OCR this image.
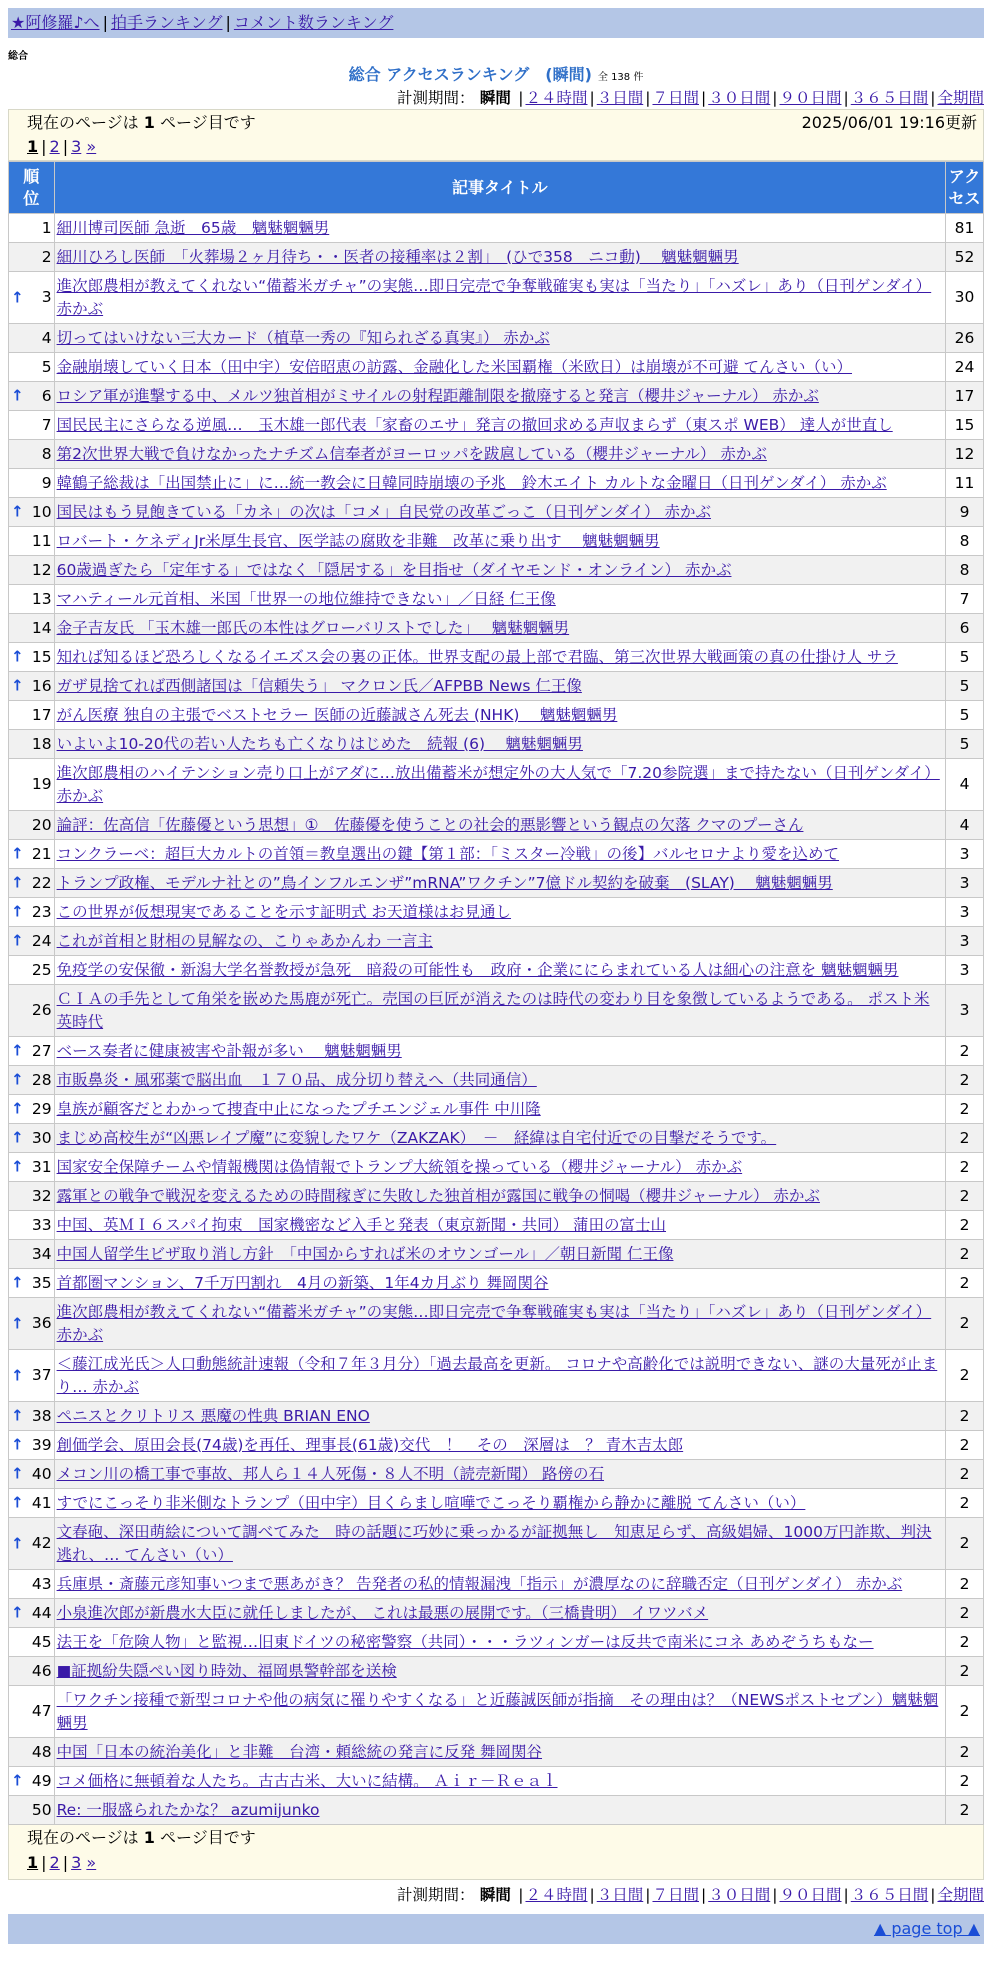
★阿修羅♪へ | 拍手ランキング | コメント数ランキング
総合
総合 アクセスランキング　(瞬間) 全 138 件
計測期間： 瞬間 | ２４時間 | ３日間 | ７日間 | ３０日間 | ９０日間 | ３６５日間 | 全期間
現在のページは 1 ページ目です	2025/06/01 19:16更新
1 | 2 | 3 »
順
位	記事タイトル	アク
セス
1	細川博司医師 急逝　65歳　魑魅魍魎男	81
2	細川ひろし医師　「火葬場２ヶ月待ち・・医者の接種率は２割」　(ひで358　ニコ動)　 魑魅魍魎男	52

↑ 3	進次郎農相が教えてくれない“備蓄米ガチャ”の実態…即日完売で争奪戦確実も実は「当たり」「ハズレ」あり（日刊ゲンダイ） 赤かぶ	30
4	切ってはいけない三大カード（植草一秀の『知られざる真実』） 赤かぶ	26
5	金融崩壊していく日本（田中宇）安倍昭恵の訪露、金融化した米国覇権（米欧日）は崩壊が不可避 てんさい（い）	24

↑ 6	ロシア軍が進撃する中、メルツ独首相がミサイルの射程距離制限を撤廃すると発言（櫻井ジャーナル） 赤かぶ	17
7	国民民主にさらなる逆風…　玉木雄一郎代表「家畜のエサ」発言の撤回求める声収まらず（東スポ WEB） 達人が世直し	15
8	第2次世界大戦で負けなかったナチズム信奉者がヨーロッパを跋扈している（櫻井ジャーナル） 赤かぶ	12
9	韓鶴子総裁は「出国禁止に」に…統一教会に日韓同時崩壊の予兆　鈴木エイト カルトな金曜日（日刊ゲンダイ） 赤かぶ	11

↑ 10	国民はもう見飽きている「カネ」の次は「コメ」自民党の改革ごっこ（日刊ゲンダイ） 赤かぶ	9
11	ロバート・ケネディJr米厚生長官、医学誌の腐敗を非難　改革に乗り出す　 魑魅魍魎男	8
12	60歳過ぎたら「定年する」ではなく「隠居する」を目指せ（ダイヤモンド・オンライン） 赤かぶ	8
13	マハティール元首相、米国「世界一の地位維持できない」／日経 仁王像	7
14	金子吉友氏 「玉木雄一郎氏の本性はグローバリストでした」　 魑魅魍魎男	6

↑ 15	知れば知るほど恐ろしくなるイエズス会の裏の正体。世界支配の最上部で君臨、第三次世界大戦画策の真の仕掛け人 サラ	5

↑ 16	ガザ見捨てれば西側諸国は「信頼失う」 マクロン氏／AFPBB News 仁王像	5
17	がん医療 独自の主張でベストセラー 医師の近藤誠さん死去 (NHK)　 魑魅魍魎男	5
18	いよいよ10-20代の若い人たちも亡くなりはじめた　続報 (6)　 魑魅魍魎男	5
19	進次郎農相のハイテンション売り口上がアダに…放出備蓄米が想定外の大人気で「7.20参院選」まで持たない（日刊ゲンダイ） 赤かぶ	4
20	論評：佐高信「佐藤優という思想」①　佐藤優を使うことの社会的悪影響という観点の欠落 クマのプーさん	4

↑ 21	コンクラーベ：超巨大カルトの首領＝教皇選出の鍵【第１部：「ミスター冷戦」の後】バルセロナより愛を込めて	3

↑ 22	トランプ政権、モデルナ社との”鳥インフルエンザ”mRNA”ワクチン”7億ドル契約を破棄　(SLAY)　 魑魅魍魎男	3

↑ 23	この世界が仮想現実であることを示す証明式 お天道様はお見通し	3

↑ 24	これが首相と財相の見解なの、こりゃあかんわ 一言主	3
25	免疫学の安保徹・新潟大学名誉教授が急死　暗殺の可能性も　政府・企業ににらまれている人は細心の注意を 魑魅魍魎男	3
26	ＣＩＡの手先として角栄を嵌めた馬鹿が死亡。売国の巨匠が消えたのは時代の変わり目を象徴しているようである。 ポスト米英時代	3

↑ 27	ベース奏者に健康被害や訃報が多い　 魑魅魍魎男	2

↑ 28	市販鼻炎・風邪薬で脳出血　１７０品、成分切り替えへ（共同通信）	2

↑ 29	皇族が顧客だとわかって捜査中止になったプチエンジェル事件 中川隆	2

↑ 30	まじめ高校生が“凶悪レイプ魔”に変貌したワケ（ZAKZAK）　－　経緯は自宅付近での目撃だそうです。	2

↑ 31	国家安全保障チームや情報機関は偽情報でトランプ大統領を操っている（櫻井ジャーナル） 赤かぶ	2
32	露軍との戦争で戦況を変えるための時間稼ぎに失敗した独首相が露国に戦争の恫喝（櫻井ジャーナル） 赤かぶ	2
33	中国、英ＭＩ６スパイ拘束　国家機密など入手と発表（東京新聞・共同） 蒲田の富士山	2
34	中国人留学生ビザ取り消し方針　「中国からすれば米のオウンゴール」／朝日新聞 仁王像	2

↑ 35	首都圏マンション、7千万円割れ　4月の新築、1年4カ月ぶり 舞岡関谷	2

↑ 36	進次郎農相が教えてくれない“備蓄米ガチャ”の実態…即日完売で争奪戦確実も実は「当たり」「ハズレ」あり（日刊ゲンダイ） 赤かぶ	2

↑ 37	＜藤江成光氏＞人口動態統計速報（令和７年３月分）「過去最高を更新。 コロナや高齢化では説明できない、謎の大量死が止まり… 赤かぶ	2

↑ 38	ペニスとクリトリス 悪魔の性典 BRIAN ENO	2

↑ 39	創価学会、原田会長(74歳)を再任、理事長(61歳)交代　！　その　深層は　？ 青木吉太郎	2

↑ 40	メコン川の橋工事で事故、邦人ら１４人死傷・８人不明（読売新聞） 路傍の石	2

↑ 41	すでにこっそり非米側なトランプ（田中宇）目くらまし喧嘩でこっそり覇権から静かに離脱 てんさい（い）	2

↑ 42	文春砲、深田萌絵について調べてみた　時の話題に巧妙に乗っかるが証拠無し　知恵足らず、高級娼婦、1000万円詐欺、判決逃れ、… てんさい（い）	2
43	兵庫県・斎藤元彦知事いつまで悪あがき？ 告発者の私的情報漏洩「指示」が濃厚なのに辞職否定（日刊ゲンダイ） 赤かぶ	2

↑ 44	小泉進次郎が新農水大臣に就任しましたが、 これは最悪の展開です。（三橋貴明） イワツバメ	2
45	法王を「危険人物」と監視…旧東ドイツの秘密警察（共同）・・・ラツィンガーは反共で南米にコネ あめぞうちもなー	2
46	■証拠紛失隠ぺい図り時効、福岡県警幹部を送検	2
47	「ワクチン接種で新型コロナや他の病気に罹りやすくなる」と近藤誠医師が指摘　その理由は？（NEWSポストセブン）魑魅魍魎男	2
48	中国「日本の統治美化」と非難　台湾・頼総統の発言に反発 舞岡関谷	2

↑ 49	コメ価格に無頓着な人たち。古古古米、大いに結構。 Ａｉｒ－Ｒｅａｌ	2
50	Re: 一服盛られたかな？ azumijunko	2
現在のページは 1 ページ目です
1 | 2 | 3 »
計測期間： 瞬間 | ２４時間 | ３日間 | ７日間 | ３０日間 | ９０日間 | ３６５日間 | 全期間
▲ page top ▲
